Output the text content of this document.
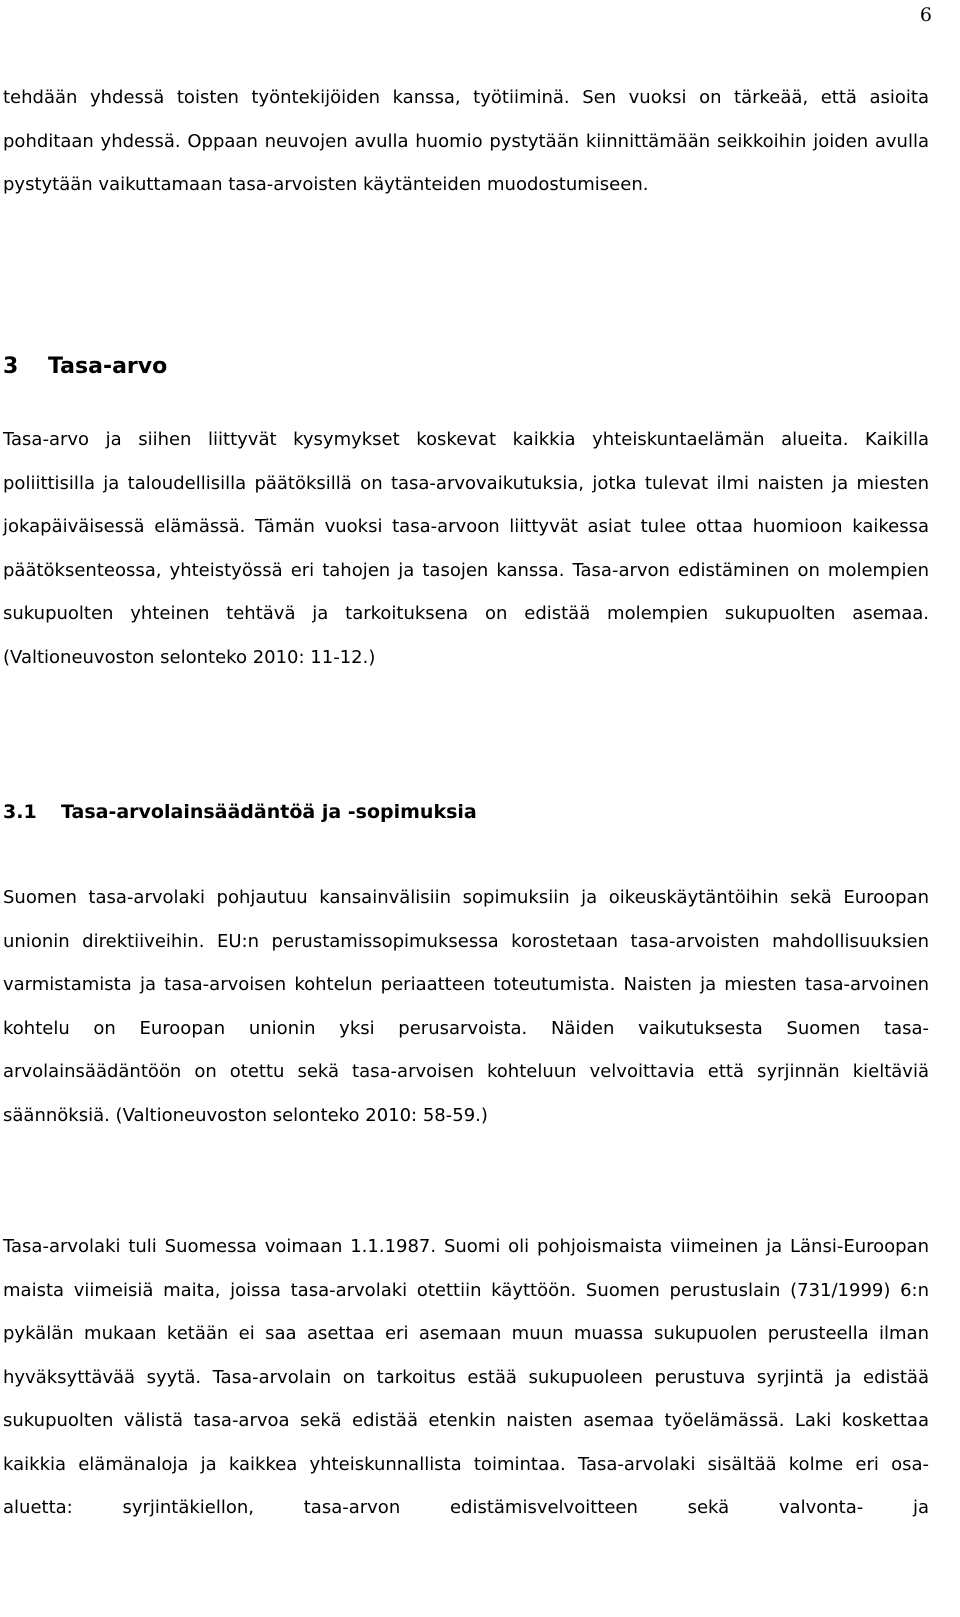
6

tehdään yhdessä toisten työntekijöiden kanssa, työtiiminä. Sen vuoksi on tärkeää, että asioita pohditaan yhdessä. Oppaan neuvojen avulla huomio pystytään kiinnittämään seikkoihin joiden avulla pystytään vaikuttamaan tasa-arvoisten käytänteiden muodostumiseen.

3 Tasa-arvo

Tasa-arvo ja siihen liittyvät kysymykset koskevat kaikkia yhteiskuntaelämän alueita. Kaikilla poliittisilla ja taloudellisilla päätöksillä on tasa-arvovaikutuksia, jotka tulevat ilmi naisten ja miesten jokapäiväisessä elämässä. Tämän vuoksi tasa-arvoon liittyvät asiat tulee ottaa huomioon kaikessa päätöksenteossa, yhteistyössä eri tahojen ja tasojen kanssa. Tasa-arvon edistäminen on molempien sukupuolten yhteinen tehtävä ja tarkoituksena on edistää molempien sukupuolten asemaa. (Valtioneuvoston selonteko 2010: 11-12.)

3.1 Tasa-arvolainsäädäntöä ja -sopimuksia

Suomen tasa-arvolaki pohjautuu kansainvälisiin sopimuksiin ja oikeuskäytäntöihin sekä Euroopan unionin direktiiveihin. EU:n perustamissopimuksessa korostetaan tasa-arvoisten mahdollisuuksien varmistamista ja tasa-arvoisen kohtelun periaatteen toteutumista. Naisten ja miesten tasa-arvoinen kohtelu on Euroopan unionin yksi perusarvoista. Näiden vaikutuksesta Suomen tasa-arvolainsäädäntöön on otettu sekä tasa-arvoisen kohteluun velvoittavia että syrjinnän kieltäviä säännöksiä. (Valtioneuvoston selonteko 2010: 58-59.)

Tasa-arvolaki tuli Suomessa voimaan 1.1.1987. Suomi oli pohjoismaista viimeinen ja Länsi-Euroopan maista viimeisiä maita, joissa tasa-arvolaki otettiin käyttöön. Suomen perustuslain (731/1999) 6:n pykälän mukaan ketään ei saa asettaa eri asemaan muun muassa sukupuolen perusteella ilman hyväksyttävää syytä. Tasa-arvolain on tarkoitus estää sukupuoleen perustuva syrjintä ja edistää sukupuolten välistä tasa-arvoa sekä edistää etenkin naisten asemaa työelämässä. Laki koskettaa kaikkia elämänaloja ja kaikkea yhteiskunnallista toimintaa. Tasa-arvolaki sisältää kolme eri osa-aluetta: syrjintäkiellon, tasa-arvon edistämisvelvoitteen sekä valvonta- ja
